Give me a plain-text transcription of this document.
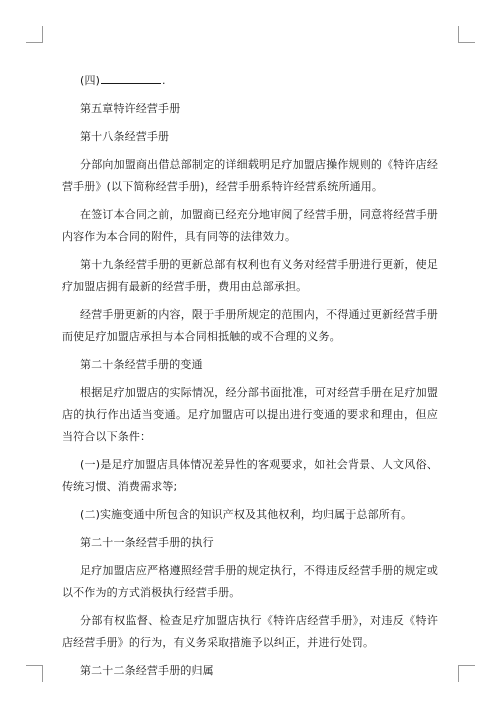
(四)	.

第五章特许经营手册

第十八条经营手册

分部向加盟商出借总部制定的详细载明足疗加盟店操作规则的《特许店经营手册》(以下简称经营手册)，经营手册系特许经营系统所通用。

在签订本合同之前，加盟商已经充分地审阅了经营手册，同意将经营手册内容作为本合同的附件，具有同等的法律效力。

第十九条经营手册的更新总部有权利也有义务对经营手册进行更新，使足疗加盟店拥有最新的经营手册，费用由总部承担。

经营手册更新的内容，限于手册所规定的范围内，不得通过更新经营手册而使足疗加盟店承担与本合同相抵触的或不合理的义务。

第二十条经营手册的变通

根据足疗加盟店的实际情况，经分部书面批准，可对经营手册在足疗加盟店的执行作出适当变通。足疗加盟店可以提出进行变通的要求和理由，但应当符合以下条件：

(一)是足疗加盟店具体情况差异性的客观要求，如社会背景、人文风俗、传统习惯、消费需求等;

(二)实施变通中所包含的知识产权及其他权利，均归属于总部所有。

第二十一条经营手册的执行

足疗加盟店应严格遵照经营手册的规定执行，不得违反经营手册的规定或以不作为的方式消极执行经营手册。

分部有权监督、检查足疗加盟店执行《特许店经营手册》，对违反《特许店经营手册》的行为，有义务采取措施予以纠正，并进行处罚。

第二十二条经营手册的归属
